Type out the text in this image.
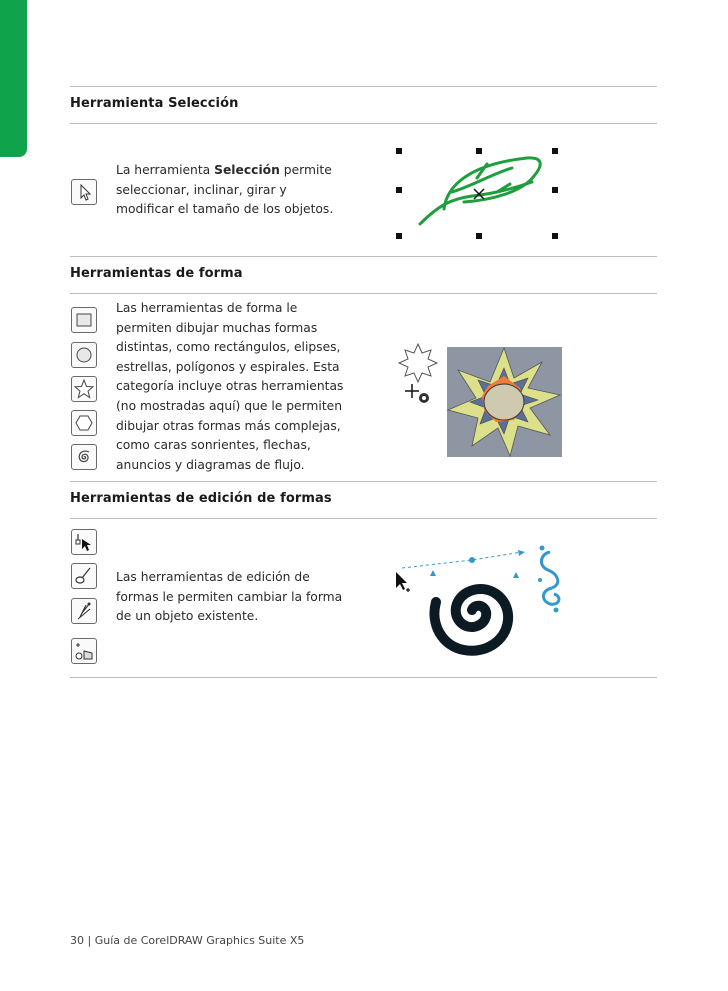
Herramienta Selección
La herramienta Selección permite
seleccionar, inclinar, girar y
modificar el tamaño de los objetos.
Herramientas de forma
Las herramientas de forma le
permiten dibujar muchas formas
distintas, como rectángulos, elipses,
estrellas, polígonos y espirales. Esta
categoría incluye otras herramientas
(no mostradas aquí) que le permiten
dibujar otras formas más complejas,
como caras sonrientes, flechas,
anuncios y diagramas de flujo.
Herramientas de edición de formas
Las herramientas de edición de
formas le permiten cambiar la forma
de un objeto existente.
30 | Guía de CorelDRAW Graphics Suite X5
